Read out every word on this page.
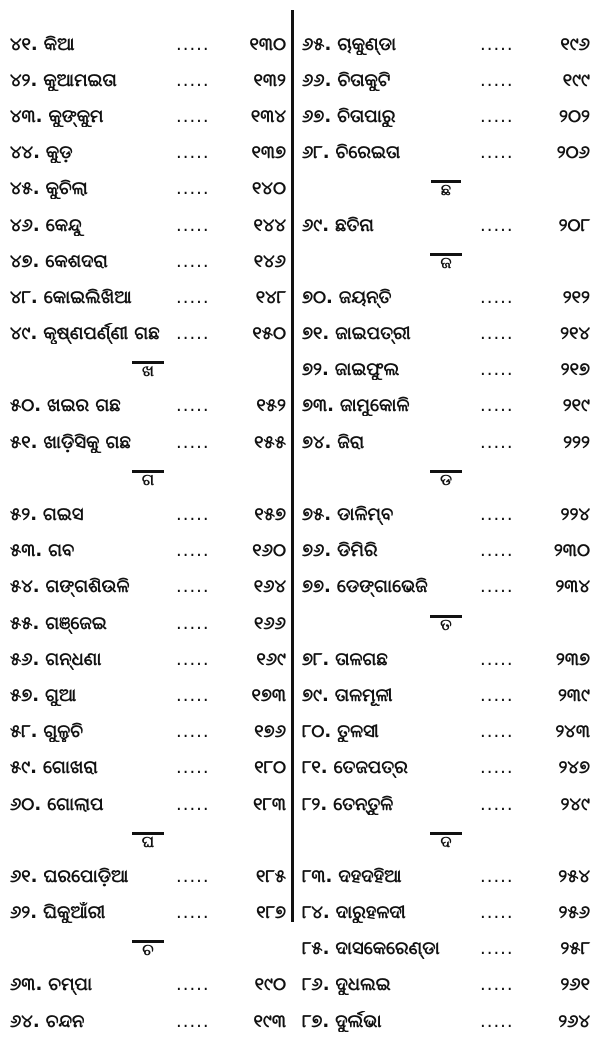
୪୧. କିଆ	.....	୧୩୦
୪୨. କୁଆମଇତା	.....	୧୩୨
୪୩. କୁଙ୍କୁମ	.....	୧୩୪
୪୪. କୁଡ଼	.....	୧୩୭
୪୫. କୁଚିଲା	.....	୧୪୦
୪୬. କେନ୍ଦୁ	.....	୧୪୪
୪୭. କେଶଦରା	.....	୧୪୬
୪୮. କୋଇଲିଖିଆ	.....	୧୪୮
୪୯. କୃଷ୍ଣପର୍ଣ୍ଣୀ ଗଛ .....	୧୫୦
ଖ
୫୦. ଖଇର ଗଛ	.....	୧୫୨
୫୧. ଖାଡ଼ିସିକୁ ଗଛ	.....	୧୫୫
ଗ
୫୨. ଗଇସ	.....	୧୫୭
୫୩. ଗବ	.....	୧୬୦
୫୪. ଗଙ୍ଗଶିଉଳି	.....	୧୬୪
୫୫. ଗଞ୍ଜେଇ	.....	୧୬୬
୫୬. ଗନ୍ଧଣା	.....	୧୬୯
୫୭. ଗୁଆ	.....	୧୭୩
୫୮. ଗୁଳୁଚି	.....	୧୭୬
୫୯. ଗୋଖରା	.....	୧୮୦
୬୦. ଗୋଲାପ	.....	୧୮୩
ଘ
୬୧. ଘରପୋଡ଼ିଆ	.....	୧୮୫
୬୨. ଘିକୁଆଁରୀ	.....	୧୮୭
ଚ
୬୩. ଚମ୍ପା	.....	୧୯୦
୬୪. ଚନ୍ଦନ	.....	୧୯୩
୬୫. ଚାକୁଣ୍ଡା	.....	୧୯୬
୬୬. ଚିତାକୁଟି	.....	୧୯୯
୬୭. ଚିତାପାରୁ	.....	୨୦୨
୬୮. ଚିରେଇତା	.....	୨୦୬
ଛ
୬୯. ଛତିନା	.....	୨୦୮
ଜ
୭୦. ଜୟନ୍ତି	.....	୨୧୨
୭୧. ଜାଇପତ୍ରୀ	.....	୨୧୪
୭୨. ଜାଇଫୁଲ	.....	୨୧୭
୭୩. ଜାମୁକୋଳି	.....	୨୧୯
୭୪. ଜିରା	.....	୨୨୨
ଡ
୭୫. ଡାଳିମ୍ବ	.....	୨୨୪
୭୬. ଡିମିରି	.....	୨୩୦
୭୭. ଡେଙ୍ଗାଭେଜି	.....	୨୩୪
ତ
୭୮. ତାଳଗଛ	.....	୨୩୭
୭୯. ତାଳମୂଳୀ	.....	୨୩୯
୮୦. ତୁଳସୀ	.....	୨୪୩
୮୧. ତେଜପତ୍ର	.....	୨୪୭
୮୨. ତେନ୍ତୁଳି	.....	୨୪୯
ଦ
୮୩. ଦହଦହିଆ	.....	୨୫୪
୮୪. ଦାରୁହଳଦୀ	.....	୨୫୬
୮୫. ଦାସକେରେଣ୍ଡା	.....	୨୫୮
୮୬. ଦୁଧଲଇ	.....	୨୬୧
୮୭. ଦୁର୍ଲଭା	.....	୨୬୪
